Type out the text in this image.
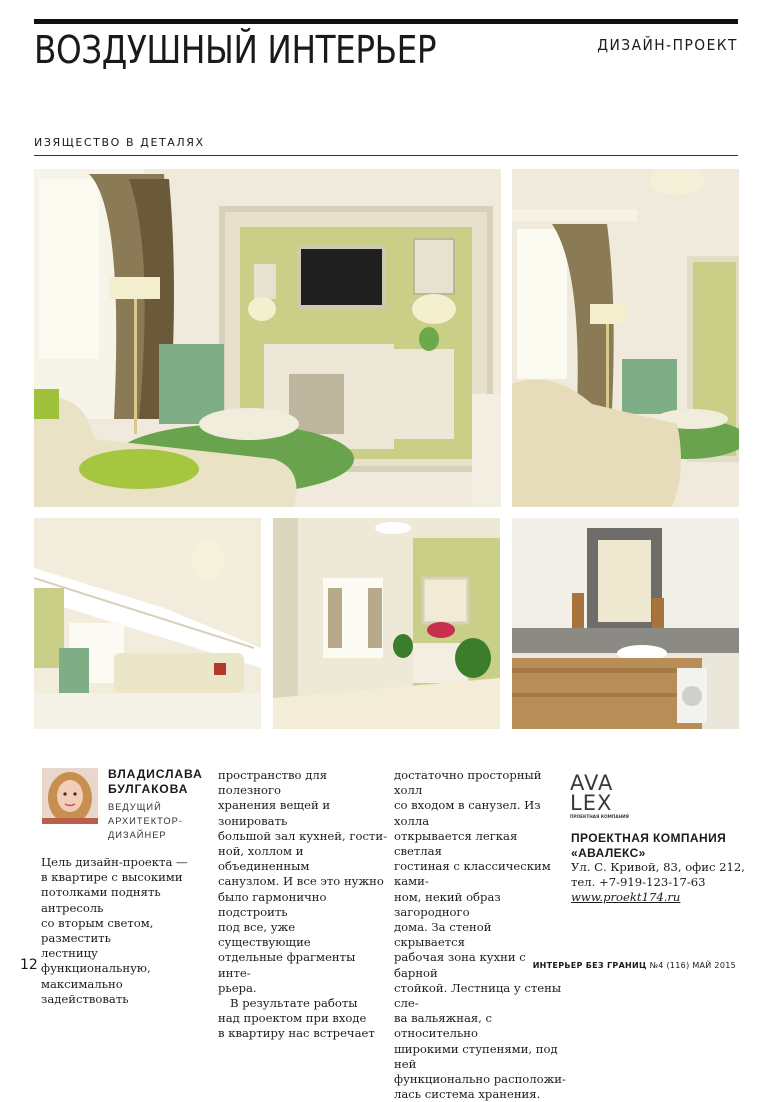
ВОЗДУШНЫЙ ИНТЕРЬЕР	ДИЗАЙН-ПРОЕКТ
ИЗЯЩЕСТВО В ДЕТАЛЯХ
ВЛАДИСЛАВА
БУЛГАКОВА
ВЕДУЩИЙ
АРХИТЕКТОР-
ДИЗАЙНЕР

Цель дизайн-проекта —

в квартире с высокими

потолками поднять антресоль

со вторым светом, разместить

лестницу функциональную,

максимально задействовать

пространство для полезного

хранения вещей и зонировать

большой зал кухней, гости-

ной, холлом и объединенным

санузлом. И все это нужно

было гармонично подстроить

под все, уже существующие

отдельные фрагменты инте-

рьера.

В результате работы

над проектом при входе

в квартиру нас встречает

достаточно просторный холл

со входом в санузел. Из холла

открывается легкая светлая

гостиная с классическим ками-

ном, некий образ загородного

дома. За стеной скрывается

рабочая зона кухни с барной

стойкой. Лестница у стены сле-

ва вальяжная, с относительно

широкими ступенями, под ней

функционально расположи-

лась система хранения.

AVA
LEX
ПРОЕКТНАЯ КОМПАНИЯ
ПРОЕКТНАЯ КОМПАНИЯ
«АВАЛЕКС»
Ул. С. Кривой, 83, офис 212,
тел. +7-919-123-17-63
www.proekt174.ru
12	ИНТЕРЬЕР БЕЗ ГРАНИЦ №4 (116) МАЙ 2015
